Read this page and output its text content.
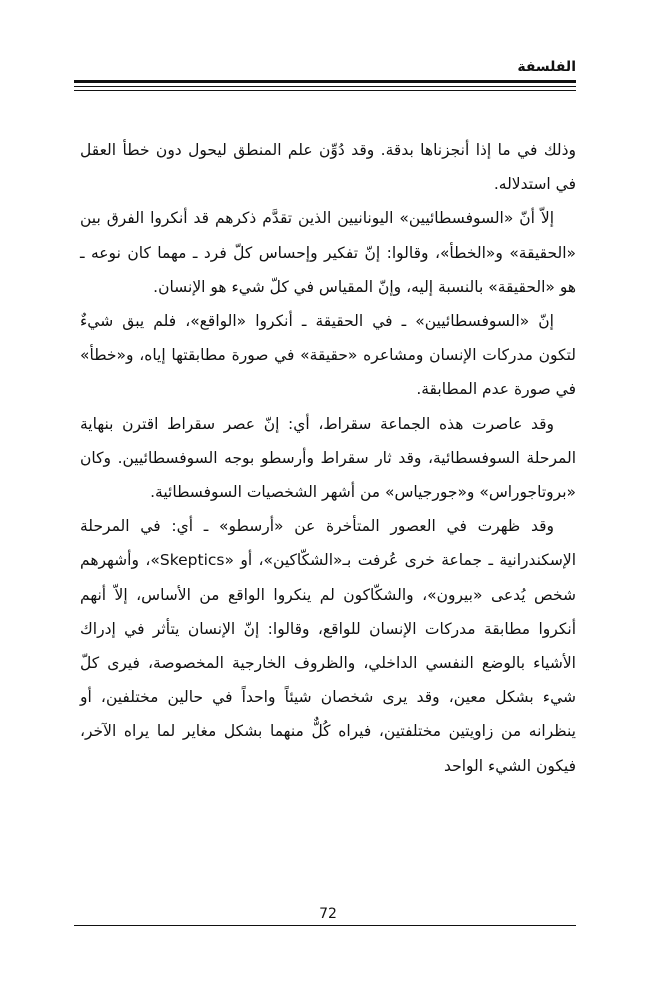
الفلسفة

وذلك في ما إذا أنجزناها بدقة. وقد دُوِّن علم المنطق ليحول دون خطأ العقل في استدلاله.

إلاّ أنّ «السوفسطائيين» اليونانيين الذين تقدَّم ذكرهم قد أنكروا الفرق بين «الحقيقة» و«الخطأ»، وقالوا: إنّ تفكير وإحساس كلّ فرد ـ مهما كان نوعه ـ هو «الحقيقة» بالنسبة إليه، وإنّ المقياس في كلّ شيء هو الإنسان.

إنّ «السوفسطائيين» ـ في الحقيقة ـ أنكروا «الواقع»، فلم يبق شيءٌ لتكون مدركات الإنسان ومشاعره «حقيقة» في صورة مطابقتها إياه، و«خطأ» في صورة عدم المطابقة.

وقد عاصرت هذه الجماعة سقراط، أي: إنّ عصر سقراط اقترن بنهاية المرحلة السوفسطائية، وقد ثار سقراط وأرسطو بوجه السوفسطائيين. وكان «بروتاجوراس» و«جورجياس» من أشهر الشخصيات السوفسطائية.

وقد ظهرت في العصور المتأخرة عن «أرسطو» ـ أي: في المرحلة الإسكندرانية ـ جماعة خرى عُرفت بـ«الشكّاكين»، أو «Skeptics»، وأشهرهم شخص يُدعى «بيرون»، والشكّاكون لم ينكروا الواقع من الأساس، إلاّ أنهم أنكروا مطابقة مدركات الإنسان للواقع، وقالوا: إنّ الإنسان يتأثر في إدراك الأشياء بالوضع النفسي الداخلي، والظروف الخارجية المخصوصة، فيرى كلّ شيء بشكل معين، وقد يرى شخصان شيئاً واحداً في حالين مختلفين، أو ينظرانه من زاويتين مختلفتين، فيراه كُلٌّ منهما بشكل مغاير لما يراه الآخر، فيكون الشيء الواحد

72
